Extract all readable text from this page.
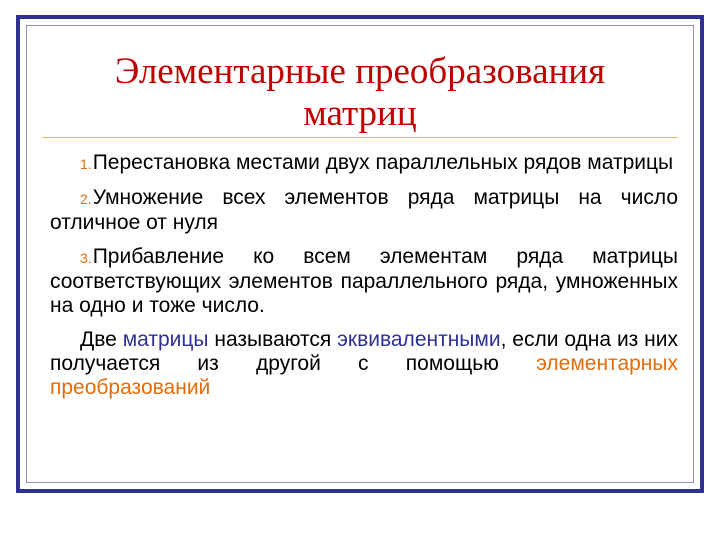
Элементарные преобразования
матриц

1.Перестановка местами двух параллельных рядов матрицы

2.Умножение всех элементов ряда матрицы на число отличное от нуля

3.Прибавление ко всем элементам ряда матрицы соответствующих элементов параллельного ряда, умноженных на одно и тоже число.

Две матрицы называются эквивалентными, если одна из них получается из другой с помощью элементарных преобразований
